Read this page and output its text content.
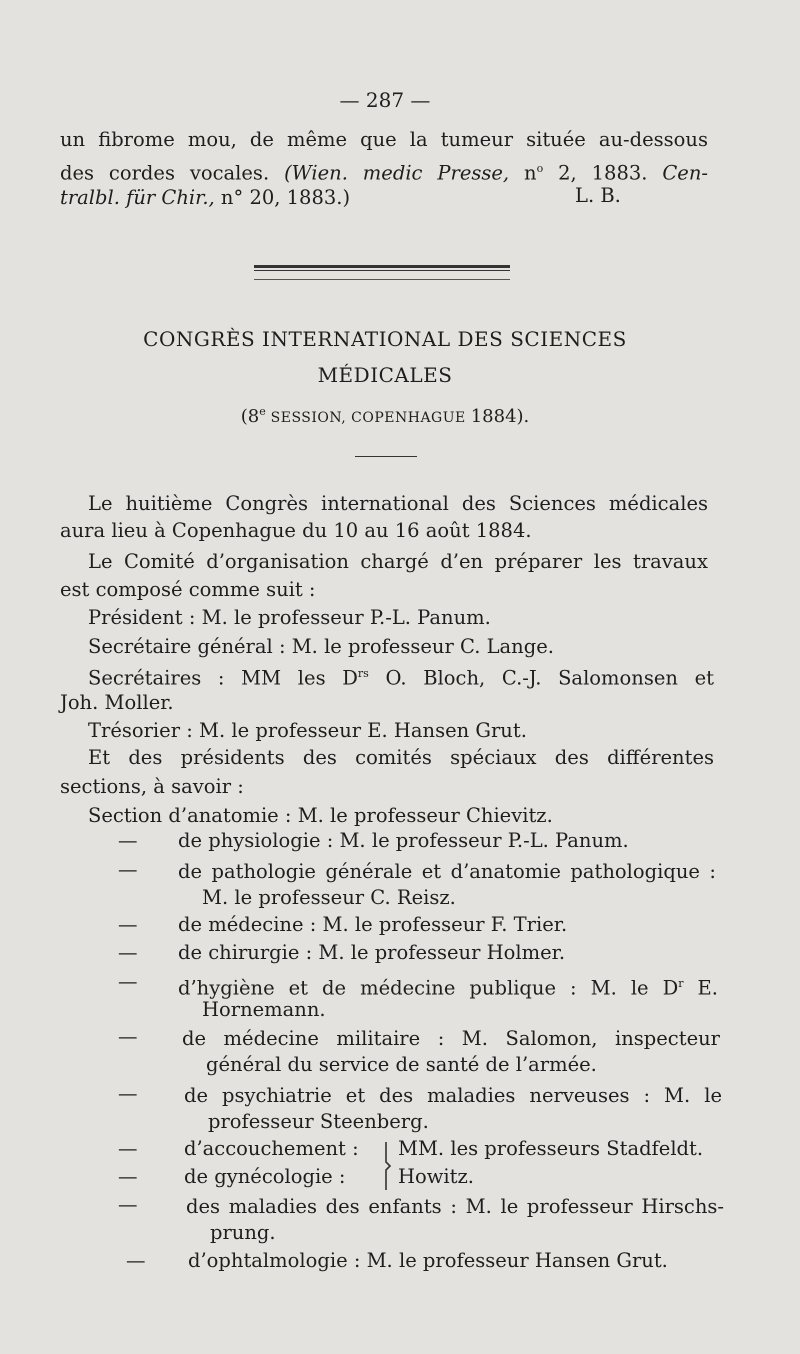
— 287 —
un fibrome mou, de même que la tumeur située au-dessous
des cordes vocales. (Wien. medic Presse, $n^o$ 2, 1883. Cen-
tralbl. für Chir., n° 20, 1883.)	L. B.
CONGRÈS INTERNATIONAL DES SCIENCES
MÉDICALES
(8e SESSION, COPENHAGUE 1884).
Le huitième Congrès international des Sciences médicales
aura lieu à Copenhague du 10 au 16 août 1884.
Le Comité d’organisation chargé d’en préparer les travaux
est composé comme suit :
Président : M. le professeur P.-L. Panum.
Secrétaire général : M. le professeur C. Lange.
Secrétaires : MM les $D^{rs}$ O. Bloch, C.-J. Salomonsen et
Joh. Moller.
Trésorier : M. le professeur E. Hansen Grut.
Et des présidents des comités spéciaux des différentes
sections, à savoir :
Section d’anatomie : M. le professeur Chievitz.
— de physiologie : M. le professeur P.-L. Panum.
— de pathologie générale et d’anatomie pathologique :
M. le professeur C. Reisz.
— de médecine : M. le professeur F. Trier.
— de chirurgie : M. le professeur Holmer.
— d’hygiène et de médecine publique : M. le $D^r$ E.
Hornemann.
— de médecine militaire : M. Salomon, inspecteur
général du service de santé de l’armée.
— de psychiatrie et des maladies nerveuses : M. le
professeur Steenberg.
— d’accouchement : MM. les professeurs Stadfeldt.
— de gynécologie :	Howitz.
— des maladies des enfants : M. le professeur Hirschs-
prung.
— d’ophtalmologie : M. le professeur Hansen Grut.
